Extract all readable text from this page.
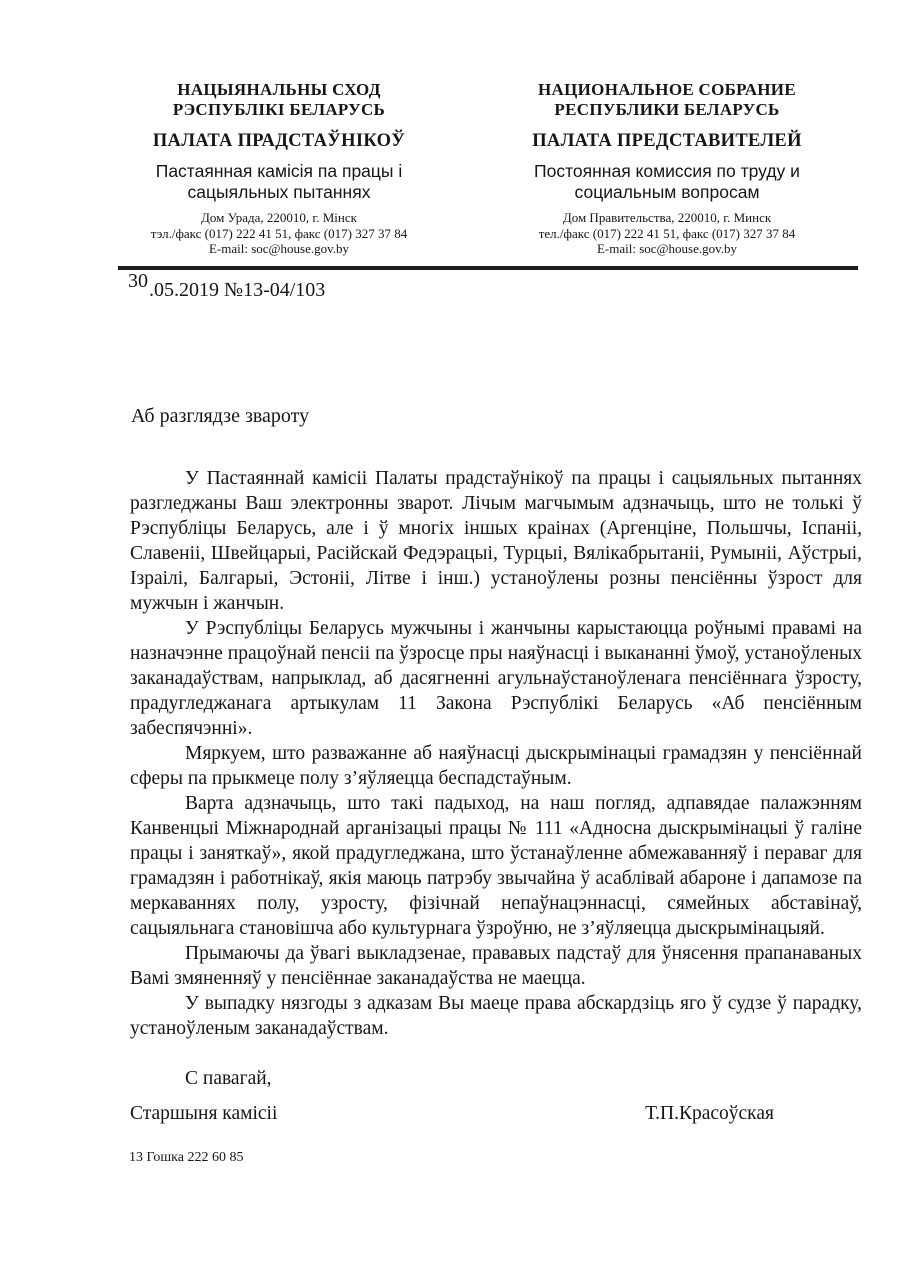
НАЦЫЯНАЛЬНЫ СХОД
РЭСПУБЛІКІ БЕЛАРУСЬ
ПАЛАТА ПРАДСТАЎНІКОЎ
Пастаянная камісія па працы і
сацыяльных пытаннях
Дом Урада, 220010, г. Мінск
тэл./факс (017) 222 41 51, факс (017) 327 37 84
E-mail: soc@house.gov.by
НАЦИОНАЛЬНОЕ СОБРАНИЕ
РЕСПУБЛИКИ БЕЛАРУСЬ
ПАЛАТА ПРЕДСТАВИТЕЛЕЙ
Постоянная комиссия по труду и
социальным вопросам
Дом Правительства, 220010, г. Минск
тел./факс (017) 222 41 51, факс (017) 327 37 84
E-mail: soc@house.gov.by
30.05.2019 №13-04/103
Аб разглядзе звароту

У Пастаяннай камісіі Палаты прадстаўнікоў па працы і сацыяльных пытаннях разгледжаны Ваш электронны зварот. Лічым магчымым адзначыць, што не толькі ў Рэспубліцы Беларусь, але і ў многіх іншых краінах (Аргенціне, Польшчы, Іспаніі, Славеніі, Швейцарыі, Расійскай Федэрацыі, Турцыі, Вялікабрытаніі, Румыніі, Аўстрыі, Ізраілі, Балгарыі, Эстоніі, Літве і інш.) устаноўлены розны пенсіённы ўзрост для мужчын і жанчын.

У Рэспубліцы Беларусь мужчыны і жанчыны карыстаюцца роўнымі правамі на назначэнне працоўнай пенсіі па ўзросце пры наяўнасці і выкананні ўмоў, устаноўленых заканадаўствам, напрыклад, аб дасягненні агульнаўстаноўленага пенсіённага ўзросту, прадугледжанага артыкулам 11 Закона Рэспублікі Беларусь «Аб пенсіённым забеспячэнні».

Мяркуем, што разважанне аб наяўнасці дыскрымінацыі грамадзян у пенсіённай сферы па прыкмеце полу з’яўляецца беспадстаўным.

Варта адзначыць, што такі падыход, на наш погляд, адпавядае палажэнням Канвенцыі Міжнароднай арганізацыі працы № 111 «Адносна дыскрымінацыі ў галіне працы і заняткаў», якой прадугледжана, што ўстанаўленне абмежаванняў і пераваг для грамадзян і работнікаў, якія маюць патрэбу звычайна ў асаблівай абароне і дапамозе па меркаваннях полу, узросту, фізічнай непаўнацэннасці, сямейных абставінаў, сацыяльнага становішча або культурнага ўзроўню, не з’яўляецца дыскрымінацыяй.

Прымаючы да ўвагі выкладзенае, прававых падстаў для ўнясення прапанаваных Вамі змяненняў у пенсіённае заканадаўства не маецца.

У выпадку нязгоды з адказам Вы маеце права абскардзіць яго ў судзе ў парадку, устаноўленым заканадаўствам.

С павагай,
Старшыня камісіі	Т.П.Красоўская
13 Гошка 222 60 85
